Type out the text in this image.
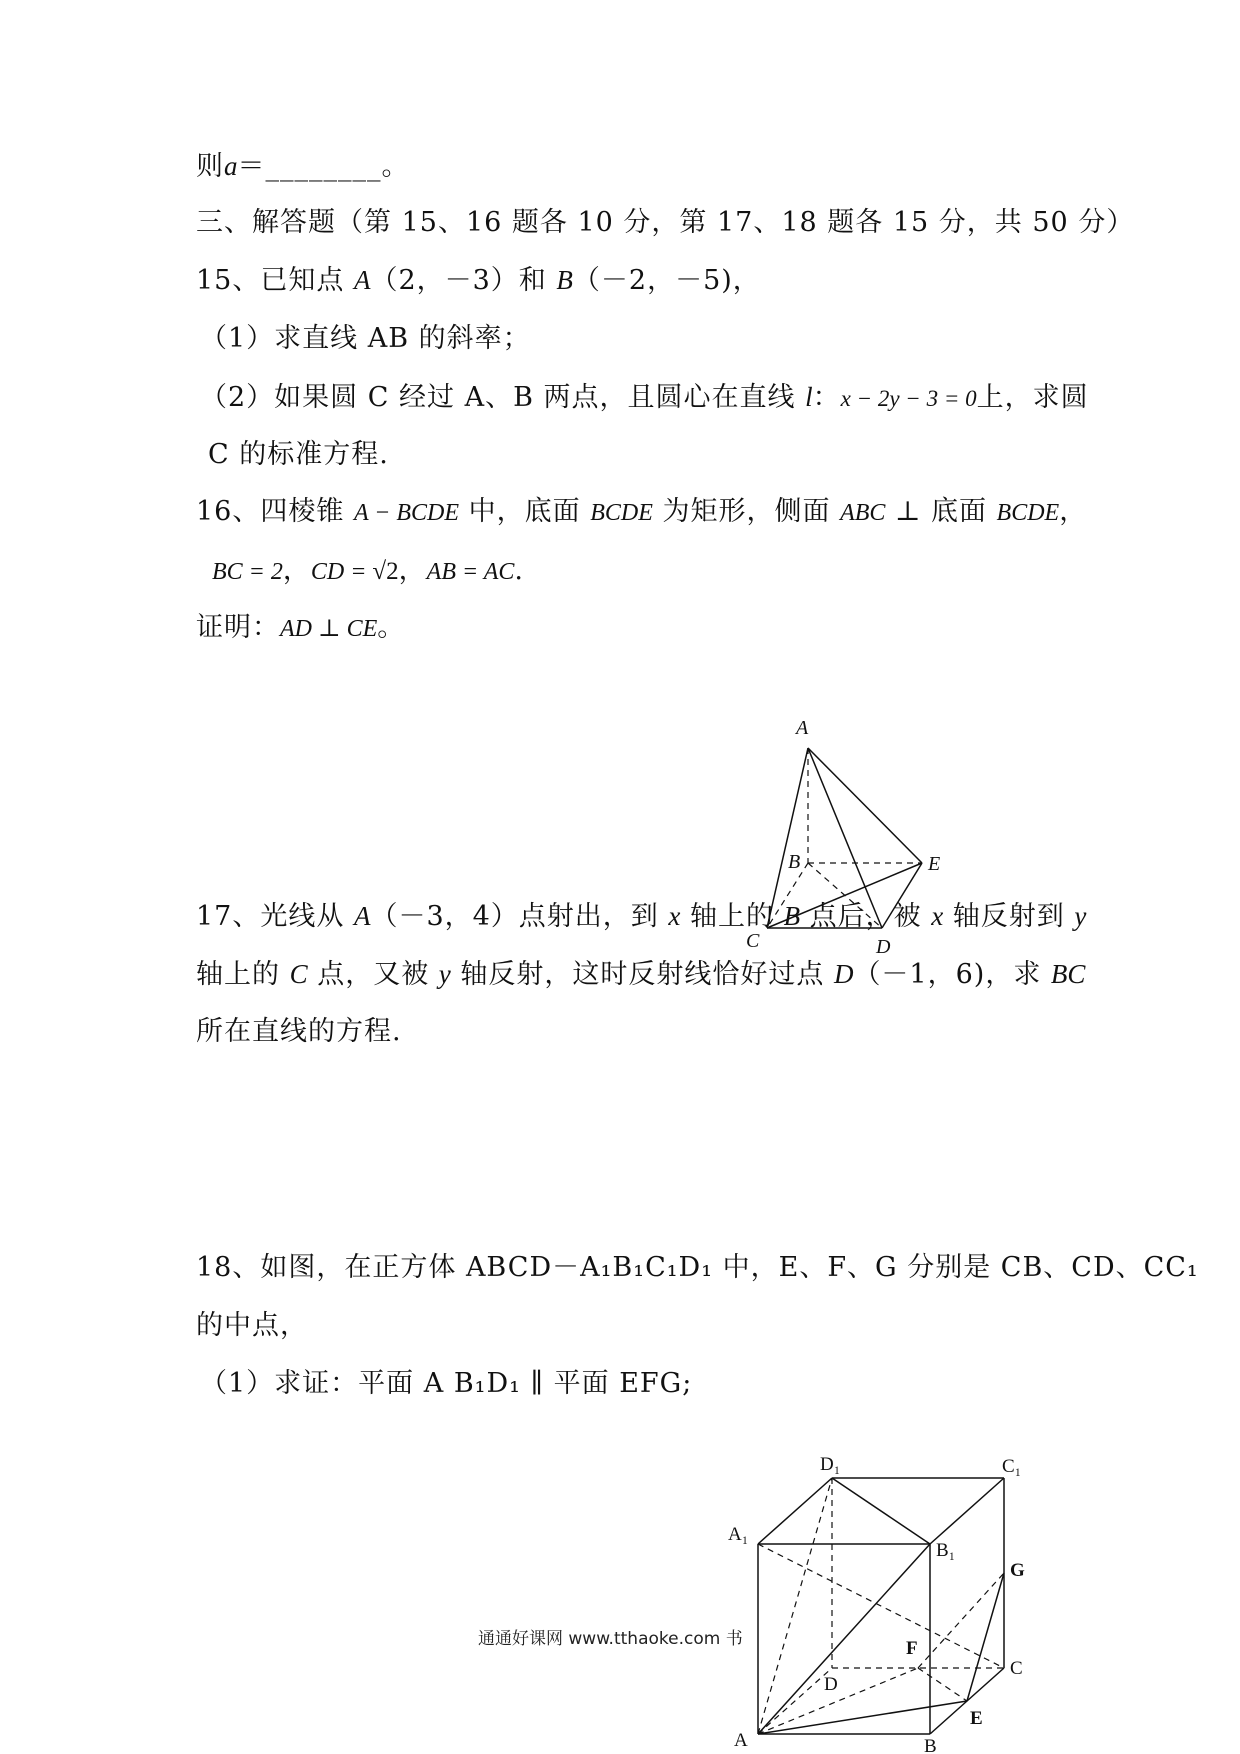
则a＝________。
三、解答题（第 15、16 题各 10 分，第 17、18 题各 15 分，共 50 分）
15、已知点 A（2，－3）和 B（－2，－5)，
（1）求直线 AB 的斜率；
（2）如果圆 C 经过 A、B 两点，且圆心在直线 l：x − 2y − 3 = 0上，求圆
C 的标准方程.
16、四棱锥 A − BCDE 中，底面 BCDE 为矩形，侧面 ABC ⊥ 底面 BCDE，
BC = 2，CD = √2，AB = AC.
证明：AD ⊥ CE。
A
B
C	D
E
17、光线从 A（－3，4）点射出，到 x 轴上的 B 点后，被 x 轴反射到 y
轴上的 C 点，又被 y 轴反射，这时反射线恰好过点 D（－1，6)，求 BC
所在直线的方程.
18、如图，在正方体 ABCD－A₁B₁C₁D₁ 中，E、F、G 分别是 CB、CD、CC₁
的中点，
（1）求证：平面 A B₁D₁ ∥ 平面 EFG;
D₁	C₁
A₁
B₁
G
F
D
C
E
A	B
通通好课网 www.tthaoke.com 书
